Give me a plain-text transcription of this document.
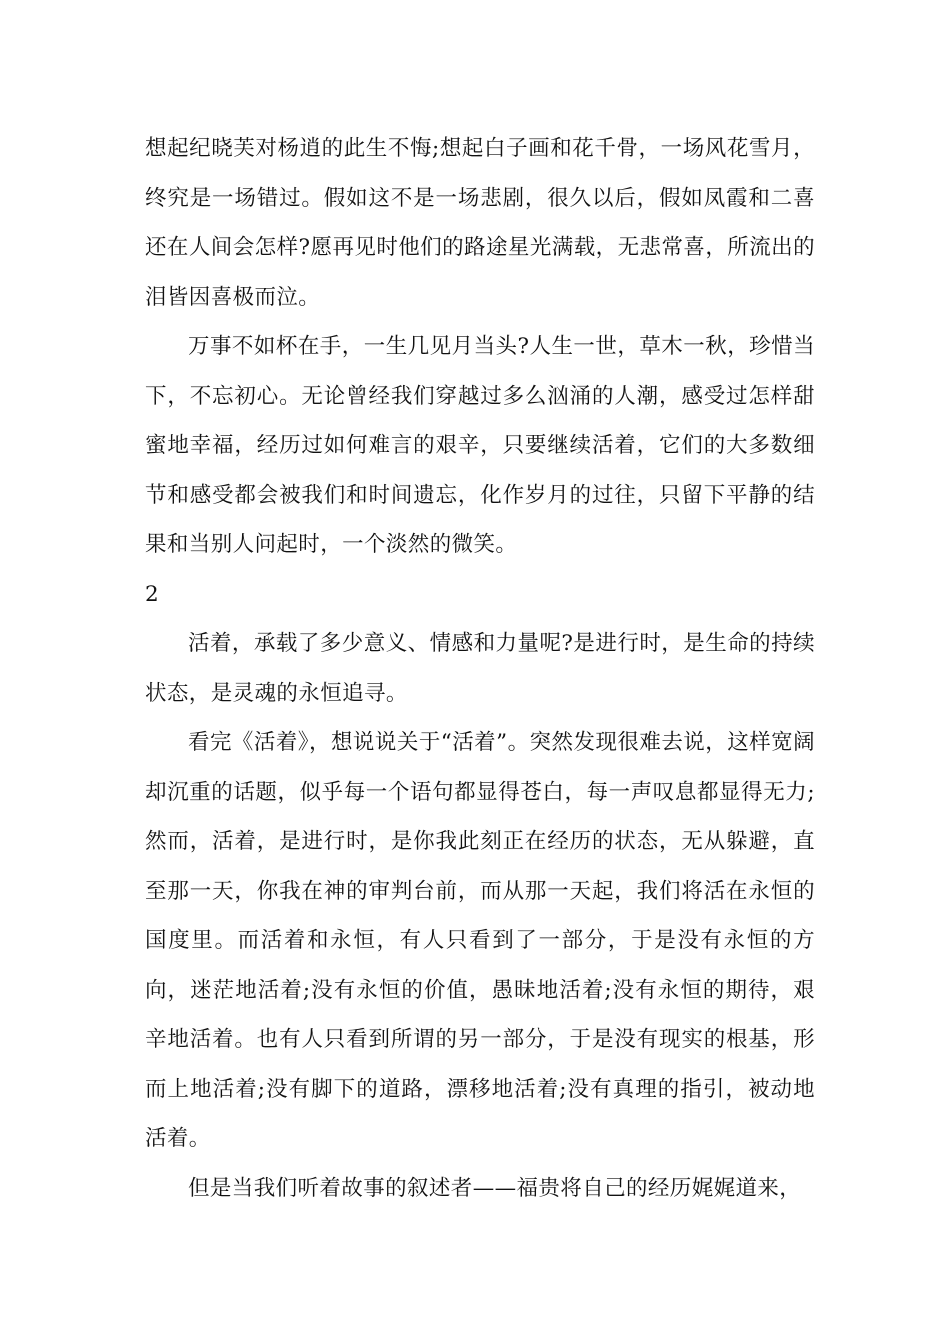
想起纪晓芙对杨逍的此生不悔;想起白子画和花千骨，一场风花雪月，终究是一场错过。假如这不是一场悲剧，很久以后，假如凤霞和二喜还在人间会怎样?愿再见时他们的路途星光满载，无悲常喜，所流出的泪皆因喜极而泣。

万事不如杯在手，一生几见月当头?人生一世，草木一秋，珍惜当下，不忘初心。无论曾经我们穿越过多么汹涌的人潮，感受过怎样甜蜜地幸福，经历过如何难言的艰辛，只要继续活着，它们的大多数细节和感受都会被我们和时间遗忘，化作岁月的过往，只留下平静的结果和当别人问起时，一个淡然的微笑。

2

活着，承载了多少意义、情感和力量呢?是进行时，是生命的持续状态，是灵魂的永恒追寻。

看完《活着》，想说说关于“活着”。突然发现很难去说，这样宽阔却沉重的话题，似乎每一个语句都显得苍白，每一声叹息都显得无力;然而，活着，是进行时，是你我此刻正在经历的状态，无从躲避，直至那一天，你我在神的审判台前，而从那一天起，我们将活在永恒的国度里。而活着和永恒，有人只看到了一部分，于是没有永恒的方向，迷茫地活着;没有永恒的价值，愚昧地活着;没有永恒的期待，艰辛地活着。也有人只看到所谓的另一部分，于是没有现实的根基，形而上地活着;没有脚下的道路，漂移地活着;没有真理的指引，被动地活着。

但是当我们听着故事的叙述者——福贵将自己的经历娓娓道来，
